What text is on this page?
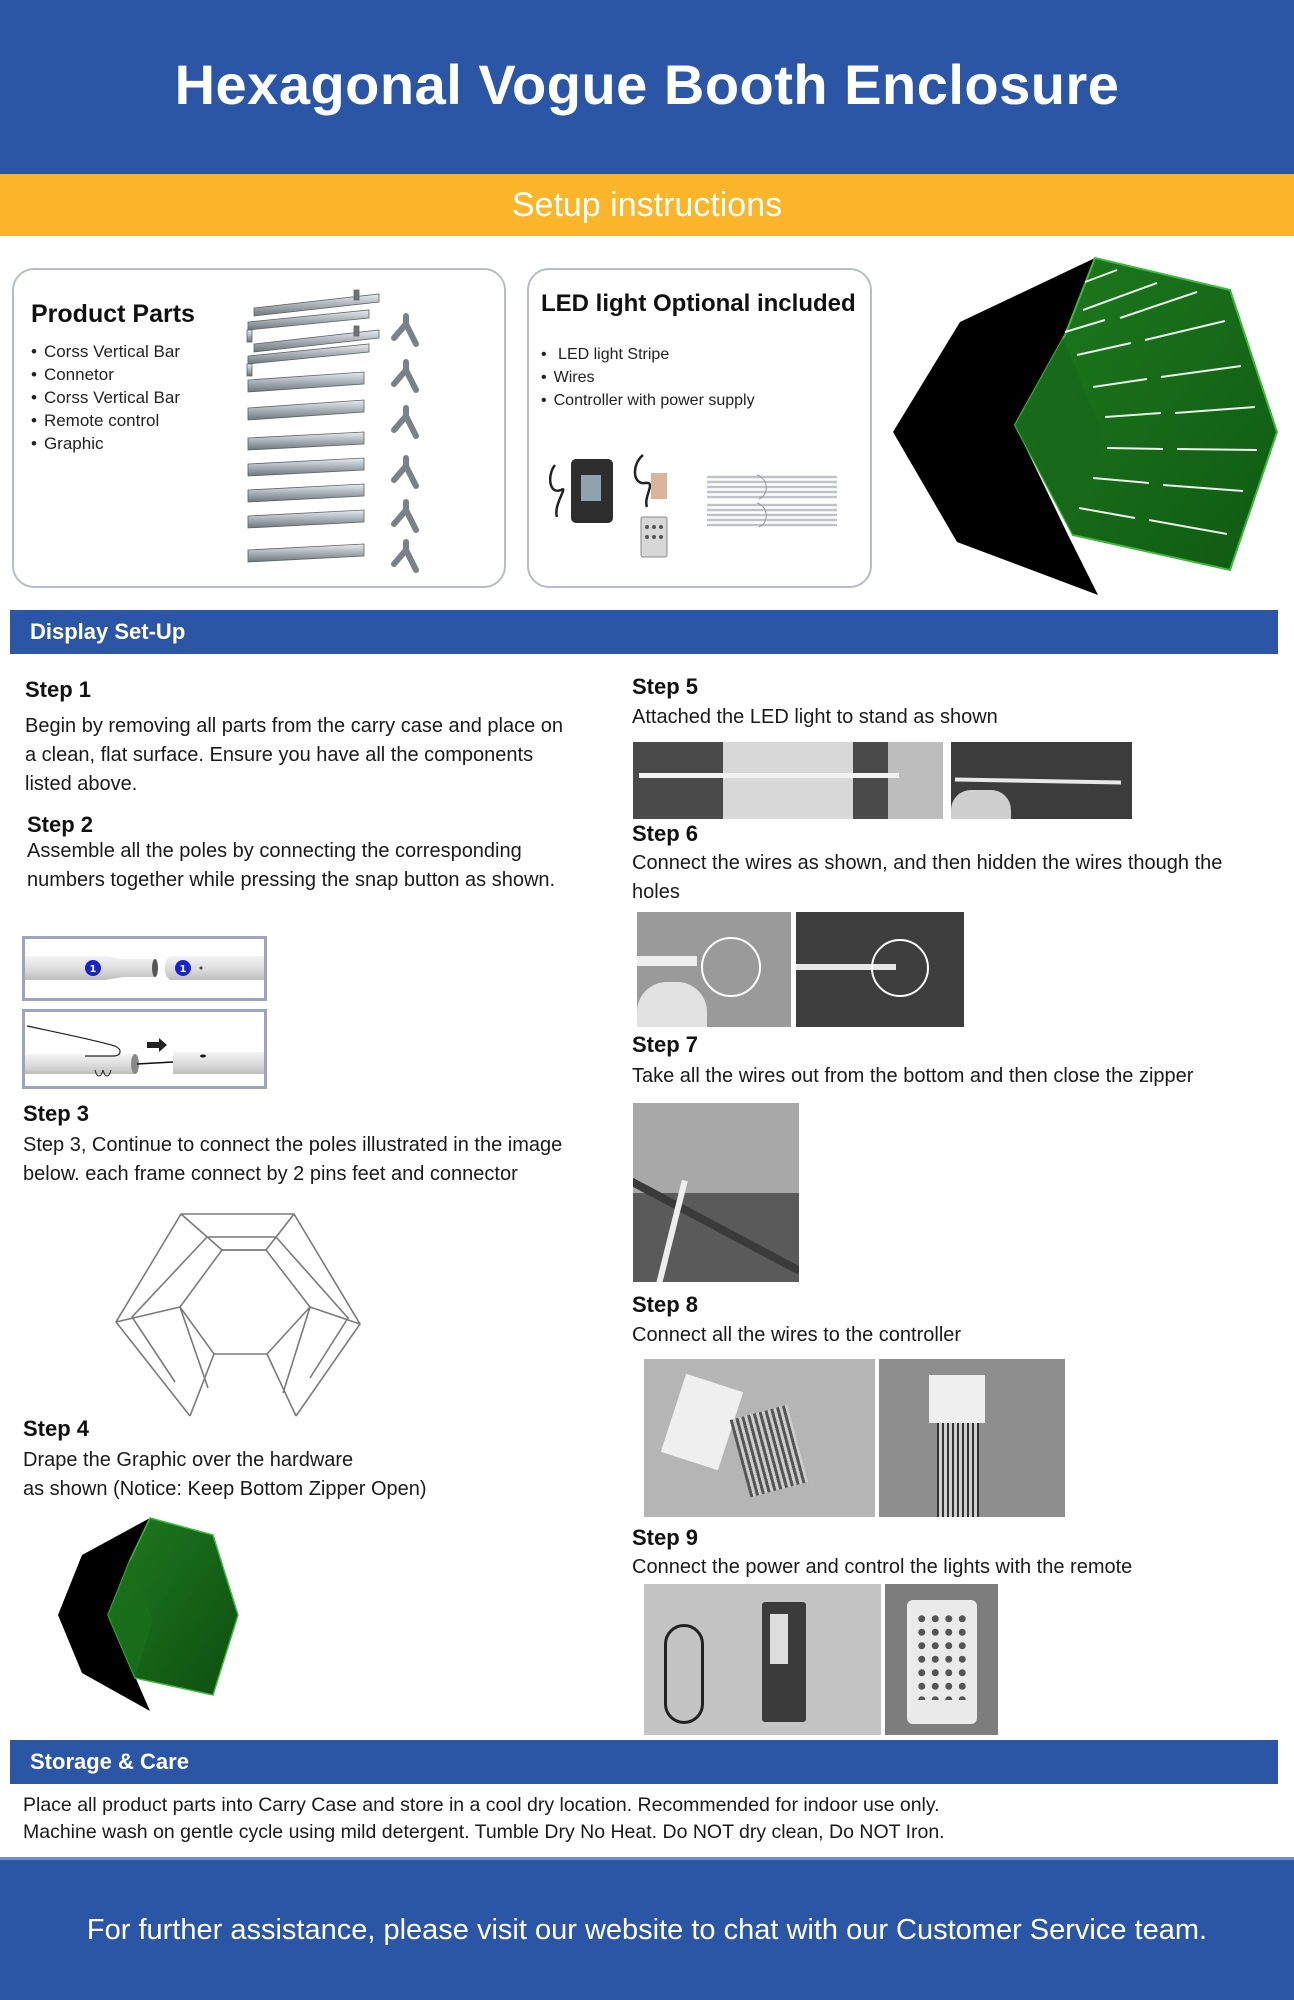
Hexagonal Vogue Booth Enclosure
Setup instructions
Product Parts
• Corss Vertical Bar
• Connetor
• Corss Vertical Bar
• Remote control
• Graphic
LED light Optional included
• LED light Stripe
• Wires
• Controller with power supply
Display Set-Up
Step 1
Begin by removing all parts from the carry case and place on a clean, flat surface. Ensure you have all the components listed above.
Step 2
Assemble all the poles by connecting the corresponding numbers together while pressing the snap button as shown.
1	1
Step 3
Step 3, Continue to connect the poles illustrated in the image below. each frame connect by 2 pins feet and connector
Step 4
Drape the Graphic over the hardware
as shown (Notice: Keep Bottom Zipper Open)
Step 5
Attached the LED light to stand as shown
Step 6
Connect the wires as shown, and then hidden the wires though the holes
Step 7
Take all the wires out from the bottom and then close the zipper
Step 8
Connect all the wires to the controller
Step 9
Connect the power and control the lights with the remote
Storage & Care
Place all product parts into Carry Case and store in a cool dry location. Recommended for indoor use only.
Machine wash on gentle cycle using mild detergent. Tumble Dry No Heat. Do NOT dry clean, Do NOT Iron.
For further assistance, please visit our website to chat with our Customer Service team.
